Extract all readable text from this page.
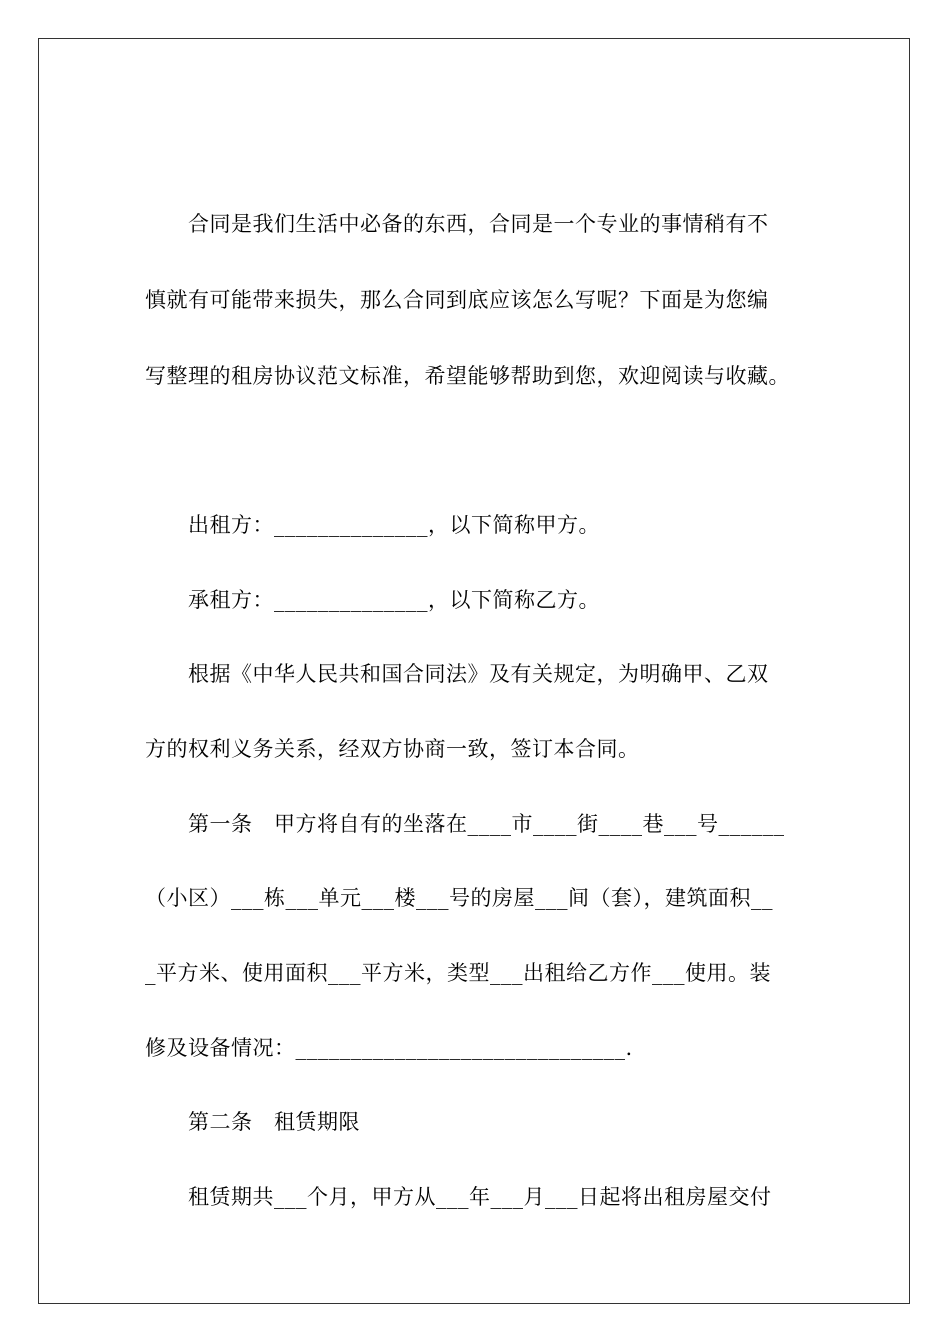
　　合同是我们生活中必备的东西，合同是一个专业的事情稍有不
慎就有可能带来损失，那么合同到底应该怎么写呢？下面是为您编
写整理的租房协议范文标准，希望能够帮助到您，欢迎阅读与收藏。
　　出租方：______________，以下简称甲方。
　　承租方：______________，以下简称乙方。
　　根据《中华人民共和国合同法》及有关规定，为明确甲、乙双
方的权利义务关系，经双方协商一致，签订本合同。
　　第一条　甲方将自有的坐落在____市____街____巷___号______
（小区）___栋___单元___楼___号的房屋___间（套），建筑面积__
_平方米、使用面积___平方米，类型___出租给乙方作___使用。装
修及设备情况：______________________________.
　　第二条　租赁期限
　　租赁期共___个月，甲方从___年___月___日起将出租房屋交付
